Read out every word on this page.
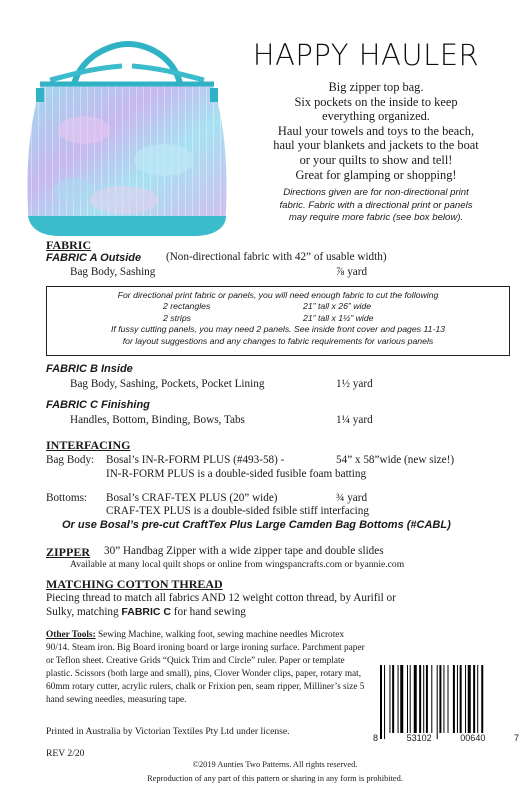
HAPPY HAULER
Big zipper top bag.
Six pockets on the inside to keep
everything organized.
Haul your towels and toys to the beach,
haul your blankets and jackets to the boat
or your quilts to show and tell!
Great for glamping or shopping!
Directions given are for non-directional print
fabric. Fabric with a directional print or panels
may require more fabric (see box below).
FABRIC
FABRIC A Outside (Non-directional fabric with 42” of usable width)
Bag Body, Sashing	⅞ yard
For directional print fabric or panels, you will need enough fabric to cut the following
2 rectangles	21” tall x 26” wide
2 strips	21” tall x 1½” wide
If fussy cutting panels, you may need 2 panels. See inside front cover and pages 11-13
for layout suggestions and any changes to fabric requirements for various panels
FABRIC B Inside
Bag Body, Sashing, Pockets, Pocket Lining	1½ yard
FABRIC C Finishing
Handles, Bottom, Binding, Bows, Tabs	1¼ yard
INTERFACING
Bag Body: Bosal’s IN-R-FORM PLUS (#493-58) -	54” x 58”wide (new size!)
IN-R-FORM PLUS is a double-sided fusible foam batting
Bottoms: Bosal’s CRAF-TEX PLUS (20” wide)	¾ yard
CRAF-TEX PLUS is a double-sided fsible stiff interfacing
Or use Bosal’s pre-cut CraftTex Plus Large Camden Bag Bottoms (#CABL)
ZIPPER 30” Handbag Zipper with a wide zipper tape and double slides
Available at many local quilt shops or online from wingspancrafts.com or byannie.com
MATCHING COTTON THREAD
Piecing thread to match all fabrics AND 12 weight cotton thread, by Aurifil or
Sulky, matching FABRIC C for hand sewing
Other Tools: Sewing Machine, walking foot, sewing machine needles Microtex 90/14. Steam iron. Big Board ironing board or large ironing surface. Parchment paper or Teflon sheet. Creative Grids “Quick Trim and Circle” ruler. Paper or template plastic. Scissors (both large and small), pins, Clover Wonder clips, paper, rotary mat, 60mm rotary cutter, acrylic rulers, chalk or Frixion pen, seam ripper, Milliner’s size 5 hand sewing needles, measuring tape.
Printed in Australia by Victorian Textiles Pty Ltd under license.
REV 2/20
8	53102	00640	7
©2019 Aunties Two Patterns. All rights reserved.
Reproduction of any part of this pattern or sharing in any form is prohibited.
